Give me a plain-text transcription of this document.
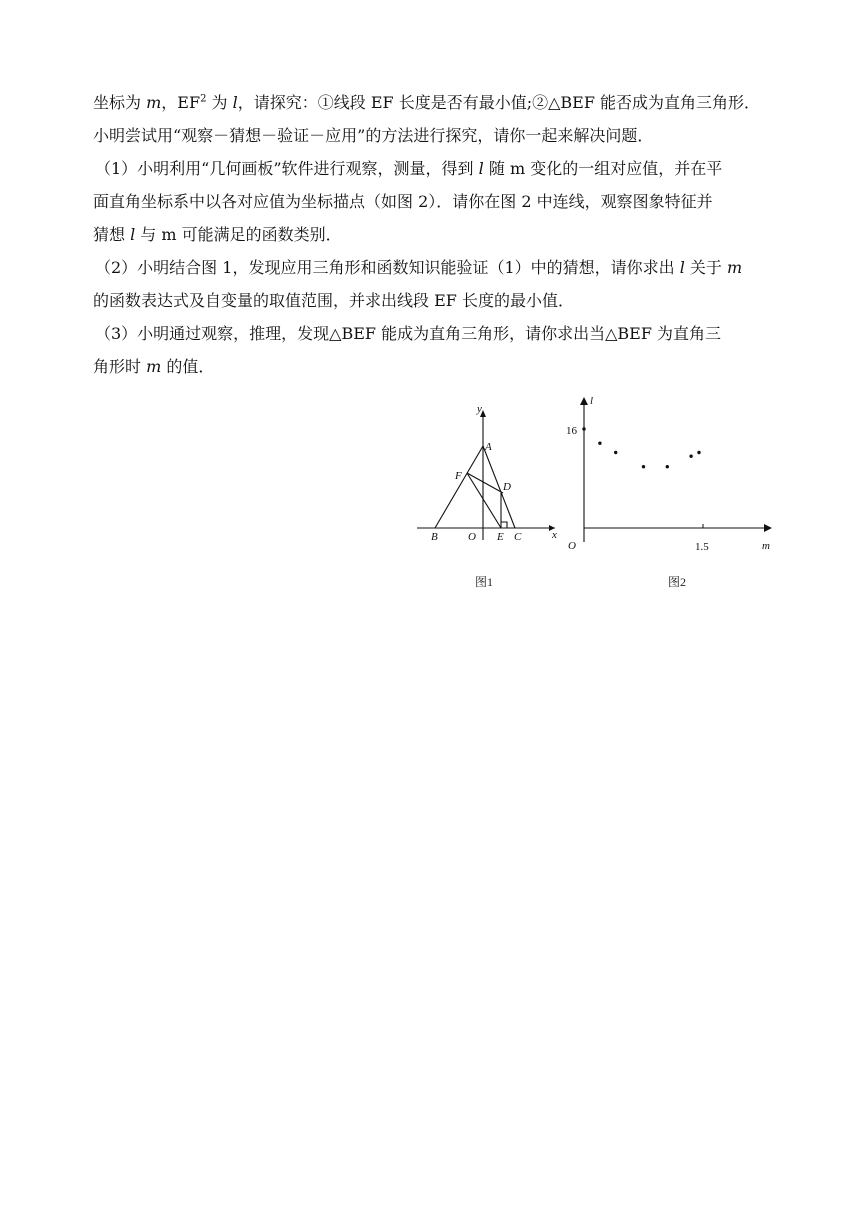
坐标为 m，$EF^2$ 为 l，请探究：①线段 EF 长度是否有最小值;②△BEF 能否成为直角三角形．
小明尝试用“观察－猜想－验证－应用”的方法进行探究，请你一起来解决问题．
（1）小明利用“几何画板”软件进行观察，测量，得到 l 随 m 变化的一组对应值，并在平
面直角坐标系中以各对应值为坐标描点（如图 2）．请你在图 2 中连线，观察图象特征并
猜想 l 与 m 可能满足的函数类别．
（2）小明结合图 1，发现应用三角形和函数知识能验证（1）中的猜想，请你求出 l 关于 m
的函数表达式及自变量的取值范围，并求出线段 EF 长度的最小值．
（3）小明通过观察，推理，发现△BEF 能成为直角三角形，请你求出当△BEF 为直角三
角形时 m 的值．
y
x
A
F
D
B	O E C
图1
l
m
O
16
1.5
图2
